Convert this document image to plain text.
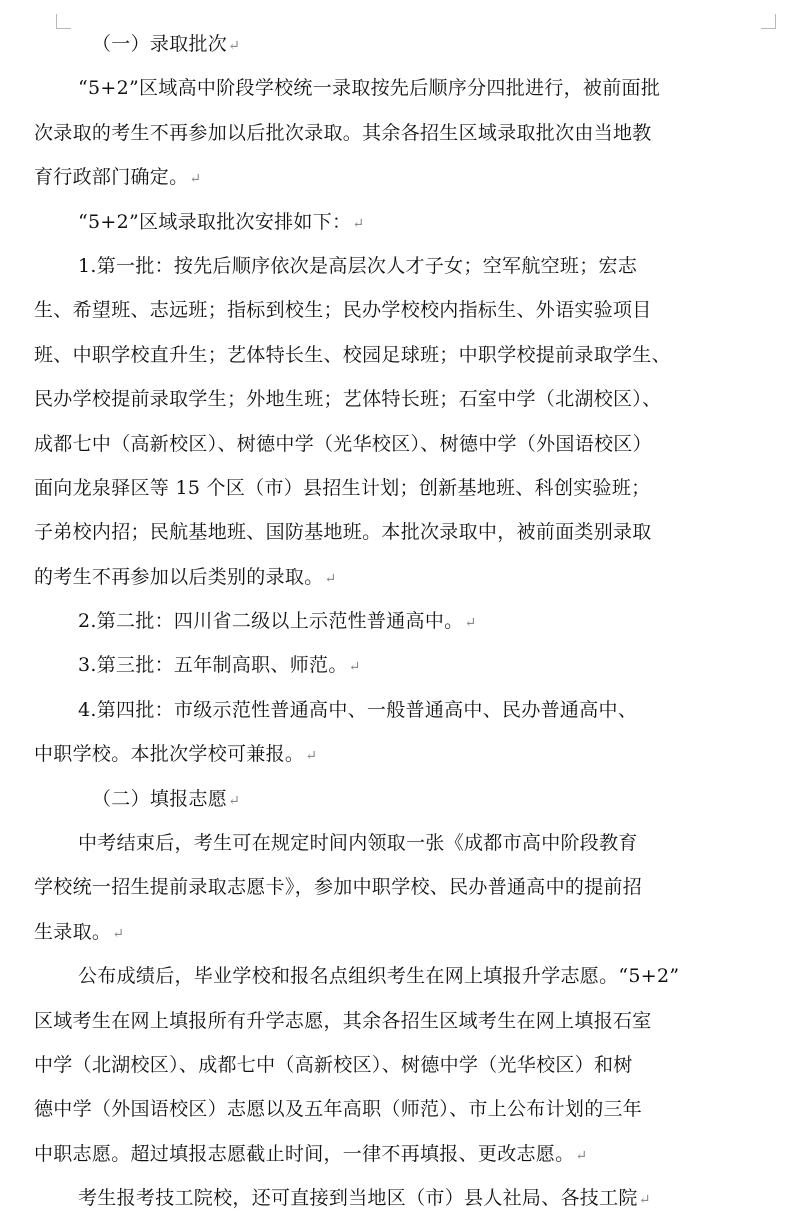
（一）录取批次↵
“5+2”区域高中阶段学校统一录取按先后顺序分四批进行，被前面批
次录取的考生不再参加以后批次录取。其余各招生区域录取批次由当地教
育行政部门确定。↵
“5+2”区域录取批次安排如下：↵
1.第一批：按先后顺序依次是高层次人才子女；空军航空班；宏志
生、希望班、志远班；指标到校生；民办学校校内指标生、外语实验项目
班、中职学校直升生；艺体特长生、校园足球班；中职学校提前录取学生、
民办学校提前录取学生；外地生班；艺体特长班；石室中学（北湖校区）、
成都七中（高新校区）、树德中学（光华校区）、树德中学（外国语校区）
面向龙泉驿区等 15 个区（市）县招生计划；创新基地班、科创实验班；
子弟校内招；民航基地班、国防基地班。本批次录取中，被前面类别录取
的考生不再参加以后类别的录取。↵
2.第二批：四川省二级以上示范性普通高中。↵
3.第三批：五年制高职、师范。↵
4.第四批：市级示范性普通高中、一般普通高中、民办普通高中、
中职学校。本批次学校可兼报。↵
（二）填报志愿↵
中考结束后，考生可在规定时间内领取一张《成都市高中阶段教育
学校统一招生提前录取志愿卡》，参加中职学校、民办普通高中的提前招
生录取。↵
公布成绩后，毕业学校和报名点组织考生在网上填报升学志愿。“5+2”
区域考生在网上填报所有升学志愿，其余各招生区域考生在网上填报石室
中学（北湖校区）、成都七中（高新校区）、树德中学（光华校区）和树
德中学（外国语校区）志愿以及五年高职（师范）、市上公布计划的三年
中职志愿。超过填报志愿截止时间，一律不再填报、更改志愿。↵
考生报考技工院校，还可直接到当地区（市）县人社局、各技工院↵
